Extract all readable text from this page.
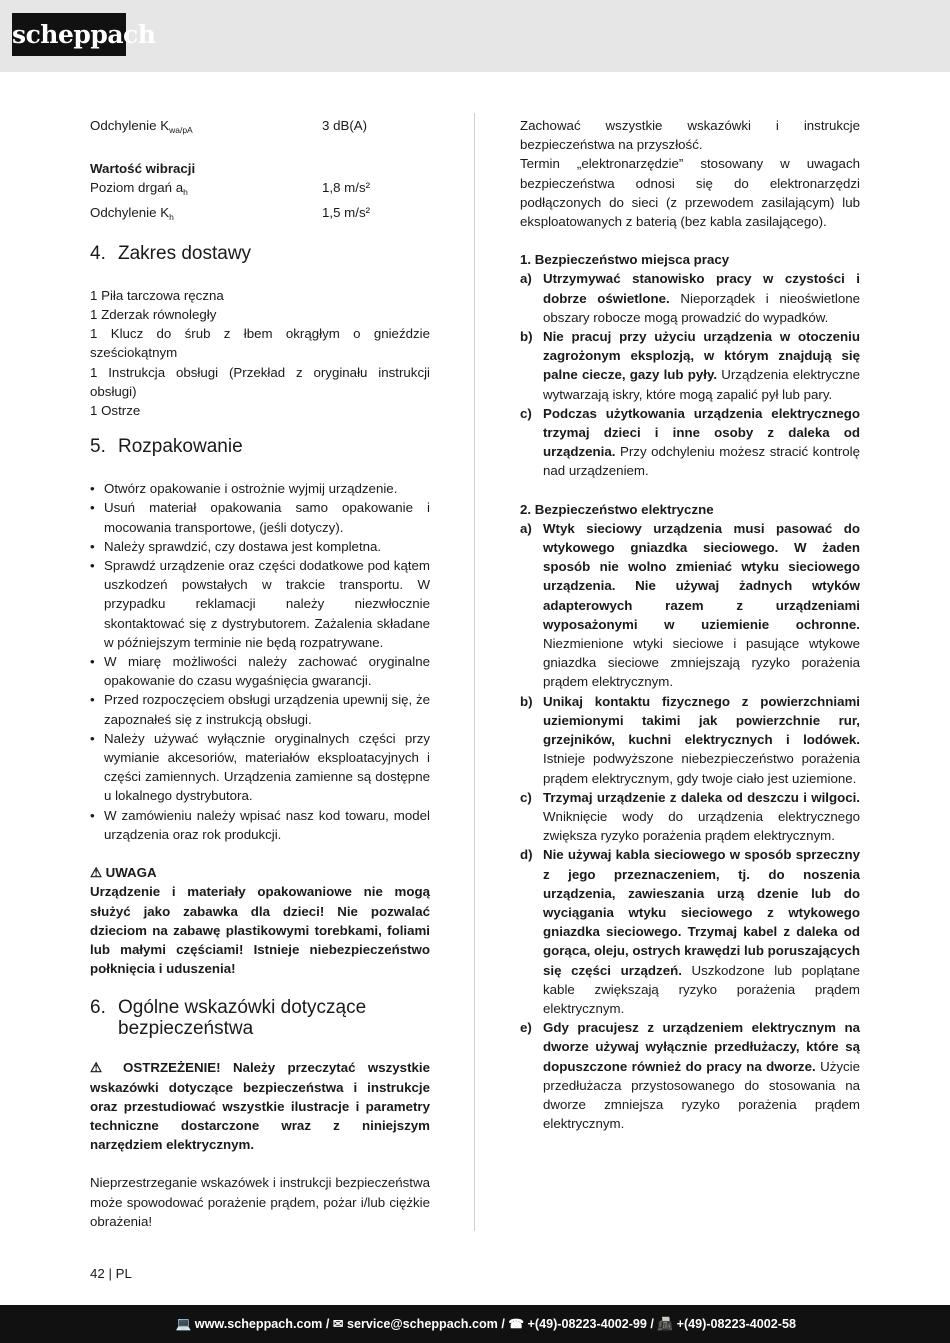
scheppach
Odchylenie $K_{wa/pA}$	3 dB(A)

Wartość wibracji

Poziom drgań $a_h$	1,8 m/s²
Odchylenie $K_h$	1,5 m/s²
4. Zakres dostawy

1 Piła tarczowa ręczna

1 Zderzak równoległy

1 Klucz do śrub z łbem okrągłym o gnieździe sześciokątnym

1 Instrukcja obsługi (Przekład z oryginału instrukcji obsługi)

1 Ostrze

5. Rozpakowanie
• Otwórz opakowanie i ostrożnie wyjmij urządzenie.
• Usuń materiał opakowania samo opakowanie i mocowania transportowe, (jeśli dotyczy).
• Należy sprawdzić, czy dostawa jest kompletna.
• Sprawdź urządzenie oraz części dodatkowe pod kątem uszkodzeń powstałych w trakcie transportu. W przypadku reklamacji należy niezwłocznie skontaktować się z dystrybutorem. Zażalenia składane w późniejszym terminie nie będą rozpatrywane.
• W miarę możliwości należy zachować oryginalne opakowanie do czasu wygaśnięcia gwarancji.
• Przed rozpoczęciem obsługi urządzenia upewnij się, że zapoznałeś się z instrukcją obsługi.
• Należy używać wyłącznie oryginalnych części przy wymianie akcesoriów, materiałów eksploatacyjnych i części zamiennych. Urządzenia zamienne są dostępne u lokalnego dystrybutora.
• W zamówieniu należy wpisać nasz kod towaru, model urządzenia oraz rok produkcji.

⚠ UWAGA

Urządzenie i materiały opakowaniowe nie mogą służyć jako zabawka dla dzieci! Nie pozwalać dzieciom na zabawę plastikowymi torebkami, foliami lub małymi częściami! Istnieje niebezpieczeństwo połknięcia i uduszenia!

6. Ogólne wskazówki dotyczące bezpieczeństwa

⚠ OSTRZEŻENIE! Należy przeczytać wszystkie wskazówki dotyczące bezpieczeństwa i instrukcje oraz przestudiować wszystkie ilustracje i parametry techniczne dostarczone wraz z niniejszym narzędziem elektrycznym.

Nieprzestrzeganie wskazówek i instrukcji bezpieczeństwa może spowodować porażenie prądem, pożar i/lub ciężkie obrażenia!

Zachować wszystkie wskazówki i instrukcje bezpieczeństwa na przyszłość.

Termin „elektronarzędzie” stosowany w uwagach bezpieczeństwa odnosi się do elektronarzędzi podłączonych do sieci (z przewodem zasilającym) lub eksploatowanych z baterią (bez kabla zasilającego).

1. Bezpieczeństwo miejsca pracy

a) Utrzymywać stanowisko pracy w czystości i dobrze oświetlone. Nieporządek i nieoświetlone obszary robocze mogą prowadzić do wypadków.
b) Nie pracuj przy użyciu urządzenia w otoczeniu zagrożonym eksplozją, w którym znajdują się palne ciecze, gazy lub pyły. Urządzenia elektryczne wytwarzają iskry, które mogą zapalić pył lub pary.
c) Podczas użytkowania urządzenia elektrycznego trzymaj dzieci i inne osoby z daleka od urządzenia. Przy odchyleniu możesz stracić kontrolę nad urządzeniem.

2. Bezpieczeństwo elektryczne

a) Wtyk sieciowy urządzenia musi pasować do wtykowego gniazdka sieciowego. W żaden sposób nie wolno zmieniać wtyku sieciowego urządzenia. Nie używaj żadnych wtyków adapterowych razem z urządzeniami wyposażonymi w uziemienie ochronne. Niezmienione wtyki sieciowe i pasujące wtykowe gniazdka sieciowe zmniejszają ryzyko porażenia prądem elektrycznym.
b) Unikaj kontaktu fizycznego z powierzchniami uziemionymi takimi jak powierzchnie rur, grzejników, kuchni elektrycznych i lodówek. Istnieje podwyższone niebezpieczeństwo porażenia prądem elektrycznym, gdy twoje ciało jest uziemione.
c) Trzymaj urządzenie z daleka od deszczu i wilgoci. Wniknięcie wody do urządzenia elektrycznego zwiększa ryzyko porażenia prądem elektrycznym.
d) Nie używaj kabla sieciowego w sposób sprzeczny z jego przeznaczeniem, tj. do noszenia urządzenia, zawieszania urzą dzenie lub do wyciągania wtyku sieciowego z wtykowego gniazdka sieciowego. Trzymaj kabel z daleka od gorąca, oleju, ostrych krawędzi lub poruszających się części urządzeń. Uszkodzone lub poplątane kable zwiększają ryzyko porażenia prądem elektrycznym.
e) Gdy pracujesz z urządzeniem elektrycznym na dworze używaj wyłącznie przedłużaczy, które są dopuszczone również do pracy na dworze. Użycie przedłużacza przystosowanego do stosowania na dworze zmniejsza ryzyko porażenia prądem elektrycznym.
42 | PL
💻 www.scheppach.com / ✉ service@scheppach.com / ☎ +(49)-08223-4002-99 / 📠 +(49)-08223-4002-58
